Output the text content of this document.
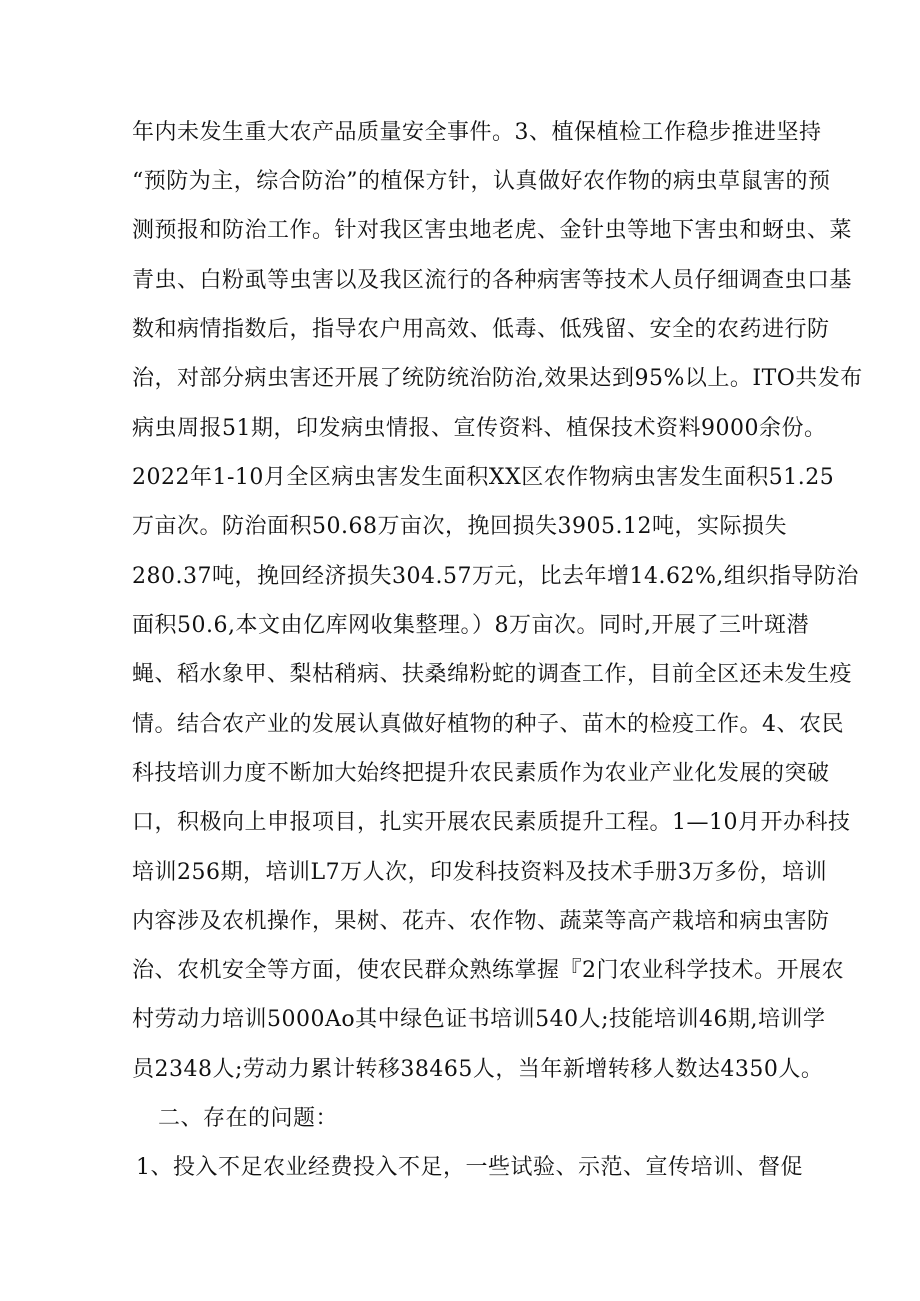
年内未发生重大农产品质量安全事件。3、植保植检工作稳步推进坚持
“预防为主，综合防治”的植保方针，认真做好农作物的病虫草鼠害的预
测预报和防治工作。针对我区害虫地老虎、金针虫等地下害虫和蚜虫、菜
青虫、白粉虱等虫害以及我区流行的各种病害等技术人员仔细调查虫口基
数和病情指数后，指导农户用高效、低毒、低残留、安全的农药进行防
治，对部分病虫害还开展了统防统治防治,效果达到95%以上。ITO共发布
病虫周报51期，印发病虫情报、宣传资料、植保技术资料9000余份。
2022年1-10月全区病虫害发生面积XX区农作物病虫害发生面积51.25
万亩次。防治面积50.68万亩次，挽回损失3905.12吨，实际损失
280.37吨，挽回经济损失304.57万元，比去年增14.62%,组织指导防治
面积50.6,本文由亿库网收集整理。）8万亩次。同时,开展了三叶斑潜
蝇、稻水象甲、梨枯稍病、扶桑绵粉蛇的调查工作，目前全区还未发生疫
情。结合农产业的发展认真做好植物的种子、苗木的检疫工作。4、农民
科技培训力度不断加大始终把提升农民素质作为农业产业化发展的突破
口，积极向上申报项目，扎实开展农民素质提升工程。1—10月开办科技
培训256期，培训L7万人次，印发科技资料及技术手册3万多份，培训
内容涉及农机操作，果树、花卉、农作物、蔬菜等高产栽培和病虫害防
治、农机安全等方面，使农民群众熟练掌握『2门农业科学技术。开展农
村劳动力培训5000Ao其中绿色证书培训540人;技能培训46期,培训学
员2348人;劳动力累计转移38465人，当年新增转移人数达4350人。
二、存在的问题：
1、投入不足农业经费投入不足，一些试验、示范、宣传培训、督促
